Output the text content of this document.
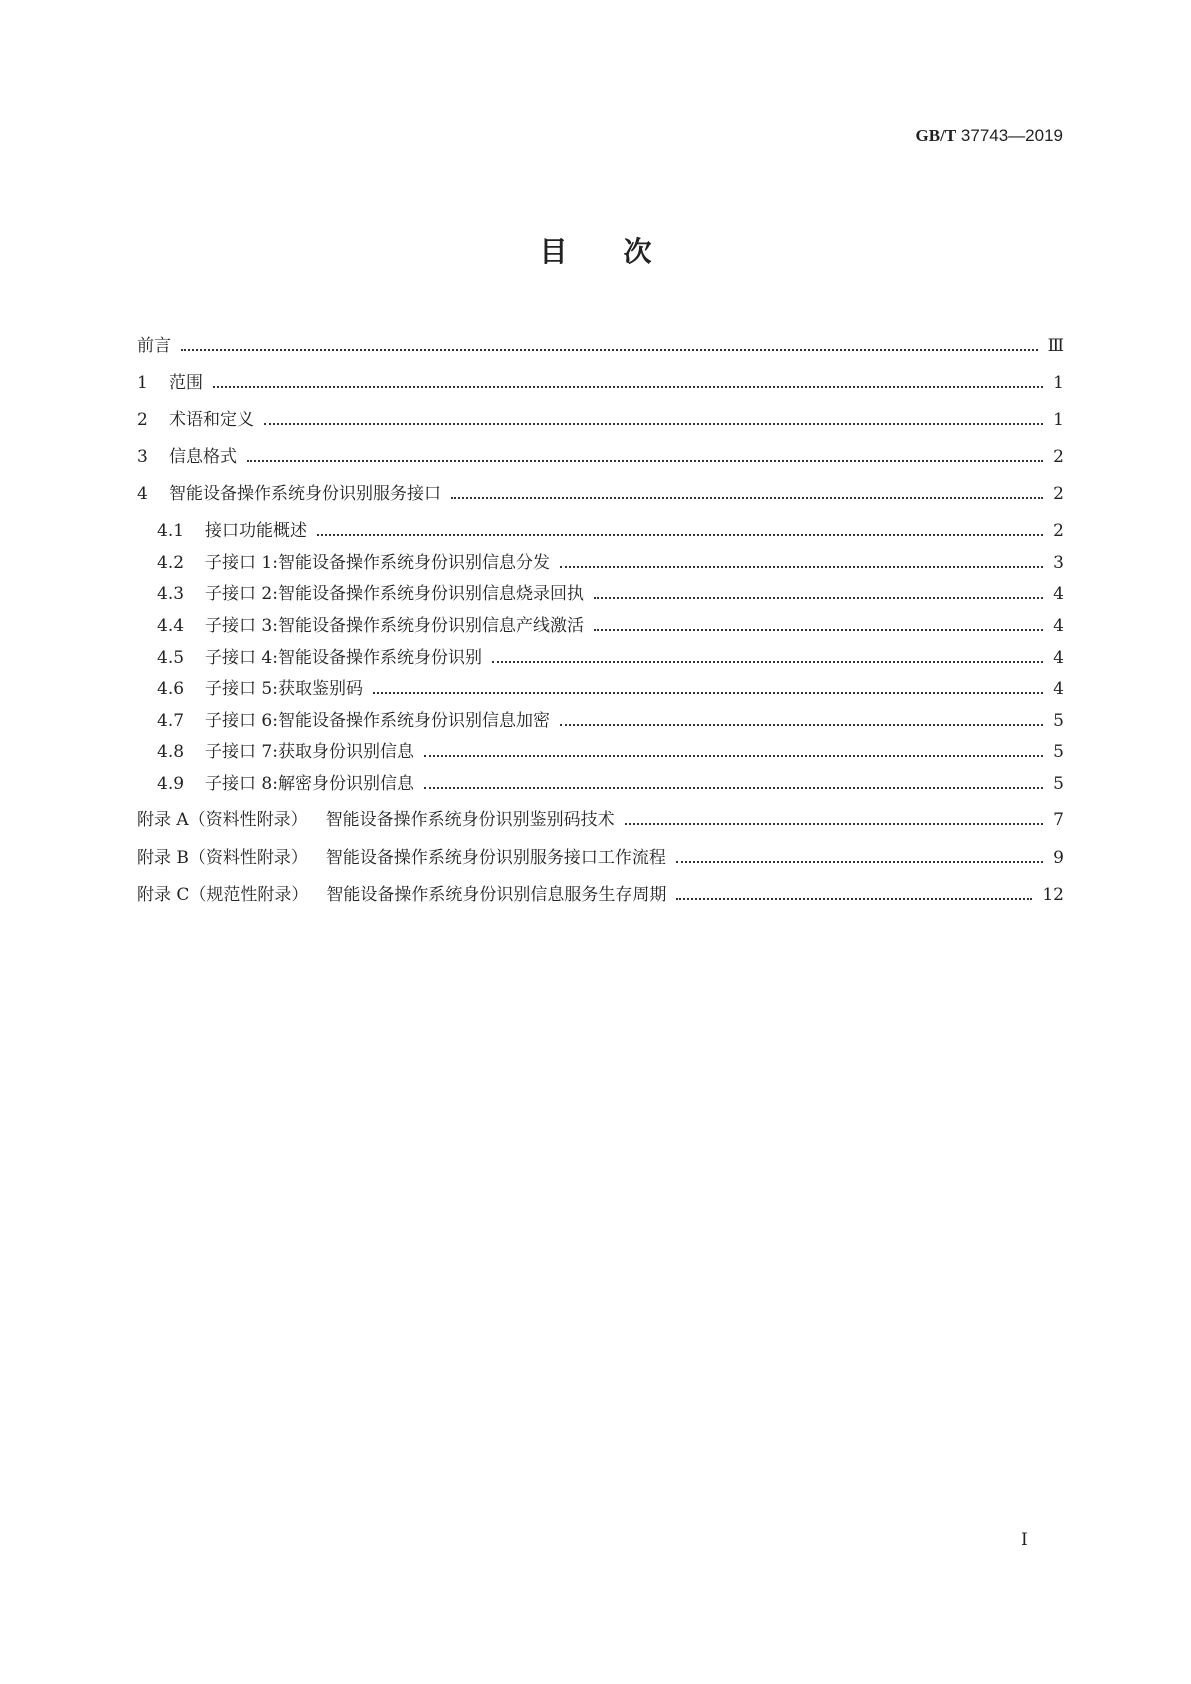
GB/T 37743—2019
目次
前言	Ⅲ
1	范围	1
2	术语和定义	1
3	信息格式	2
4	智能设备操作系统身份识别服务接口	2
4.1	接口功能概述	2
4.2	子接口 1:智能设备操作系统身份识别信息分发	3
4.3	子接口 2:智能设备操作系统身份识别信息烧录回执	4
4.4	子接口 3:智能设备操作系统身份识别信息产线激活	4
4.5	子接口 4:智能设备操作系统身份识别	4
4.6	子接口 5:获取鉴别码	4
4.7	子接口 6:智能设备操作系统身份识别信息加密	5
4.8	子接口 7:获取身份识别信息	5
4.9	子接口 8:解密身份识别信息	5
附录 A（资料性附录）	智能设备操作系统身份识别鉴别码技术	7
附录 B（资料性附录）	智能设备操作系统身份识别服务接口工作流程	9
附录 C（规范性附录）	智能设备操作系统身份识别信息服务生存周期	12
I
